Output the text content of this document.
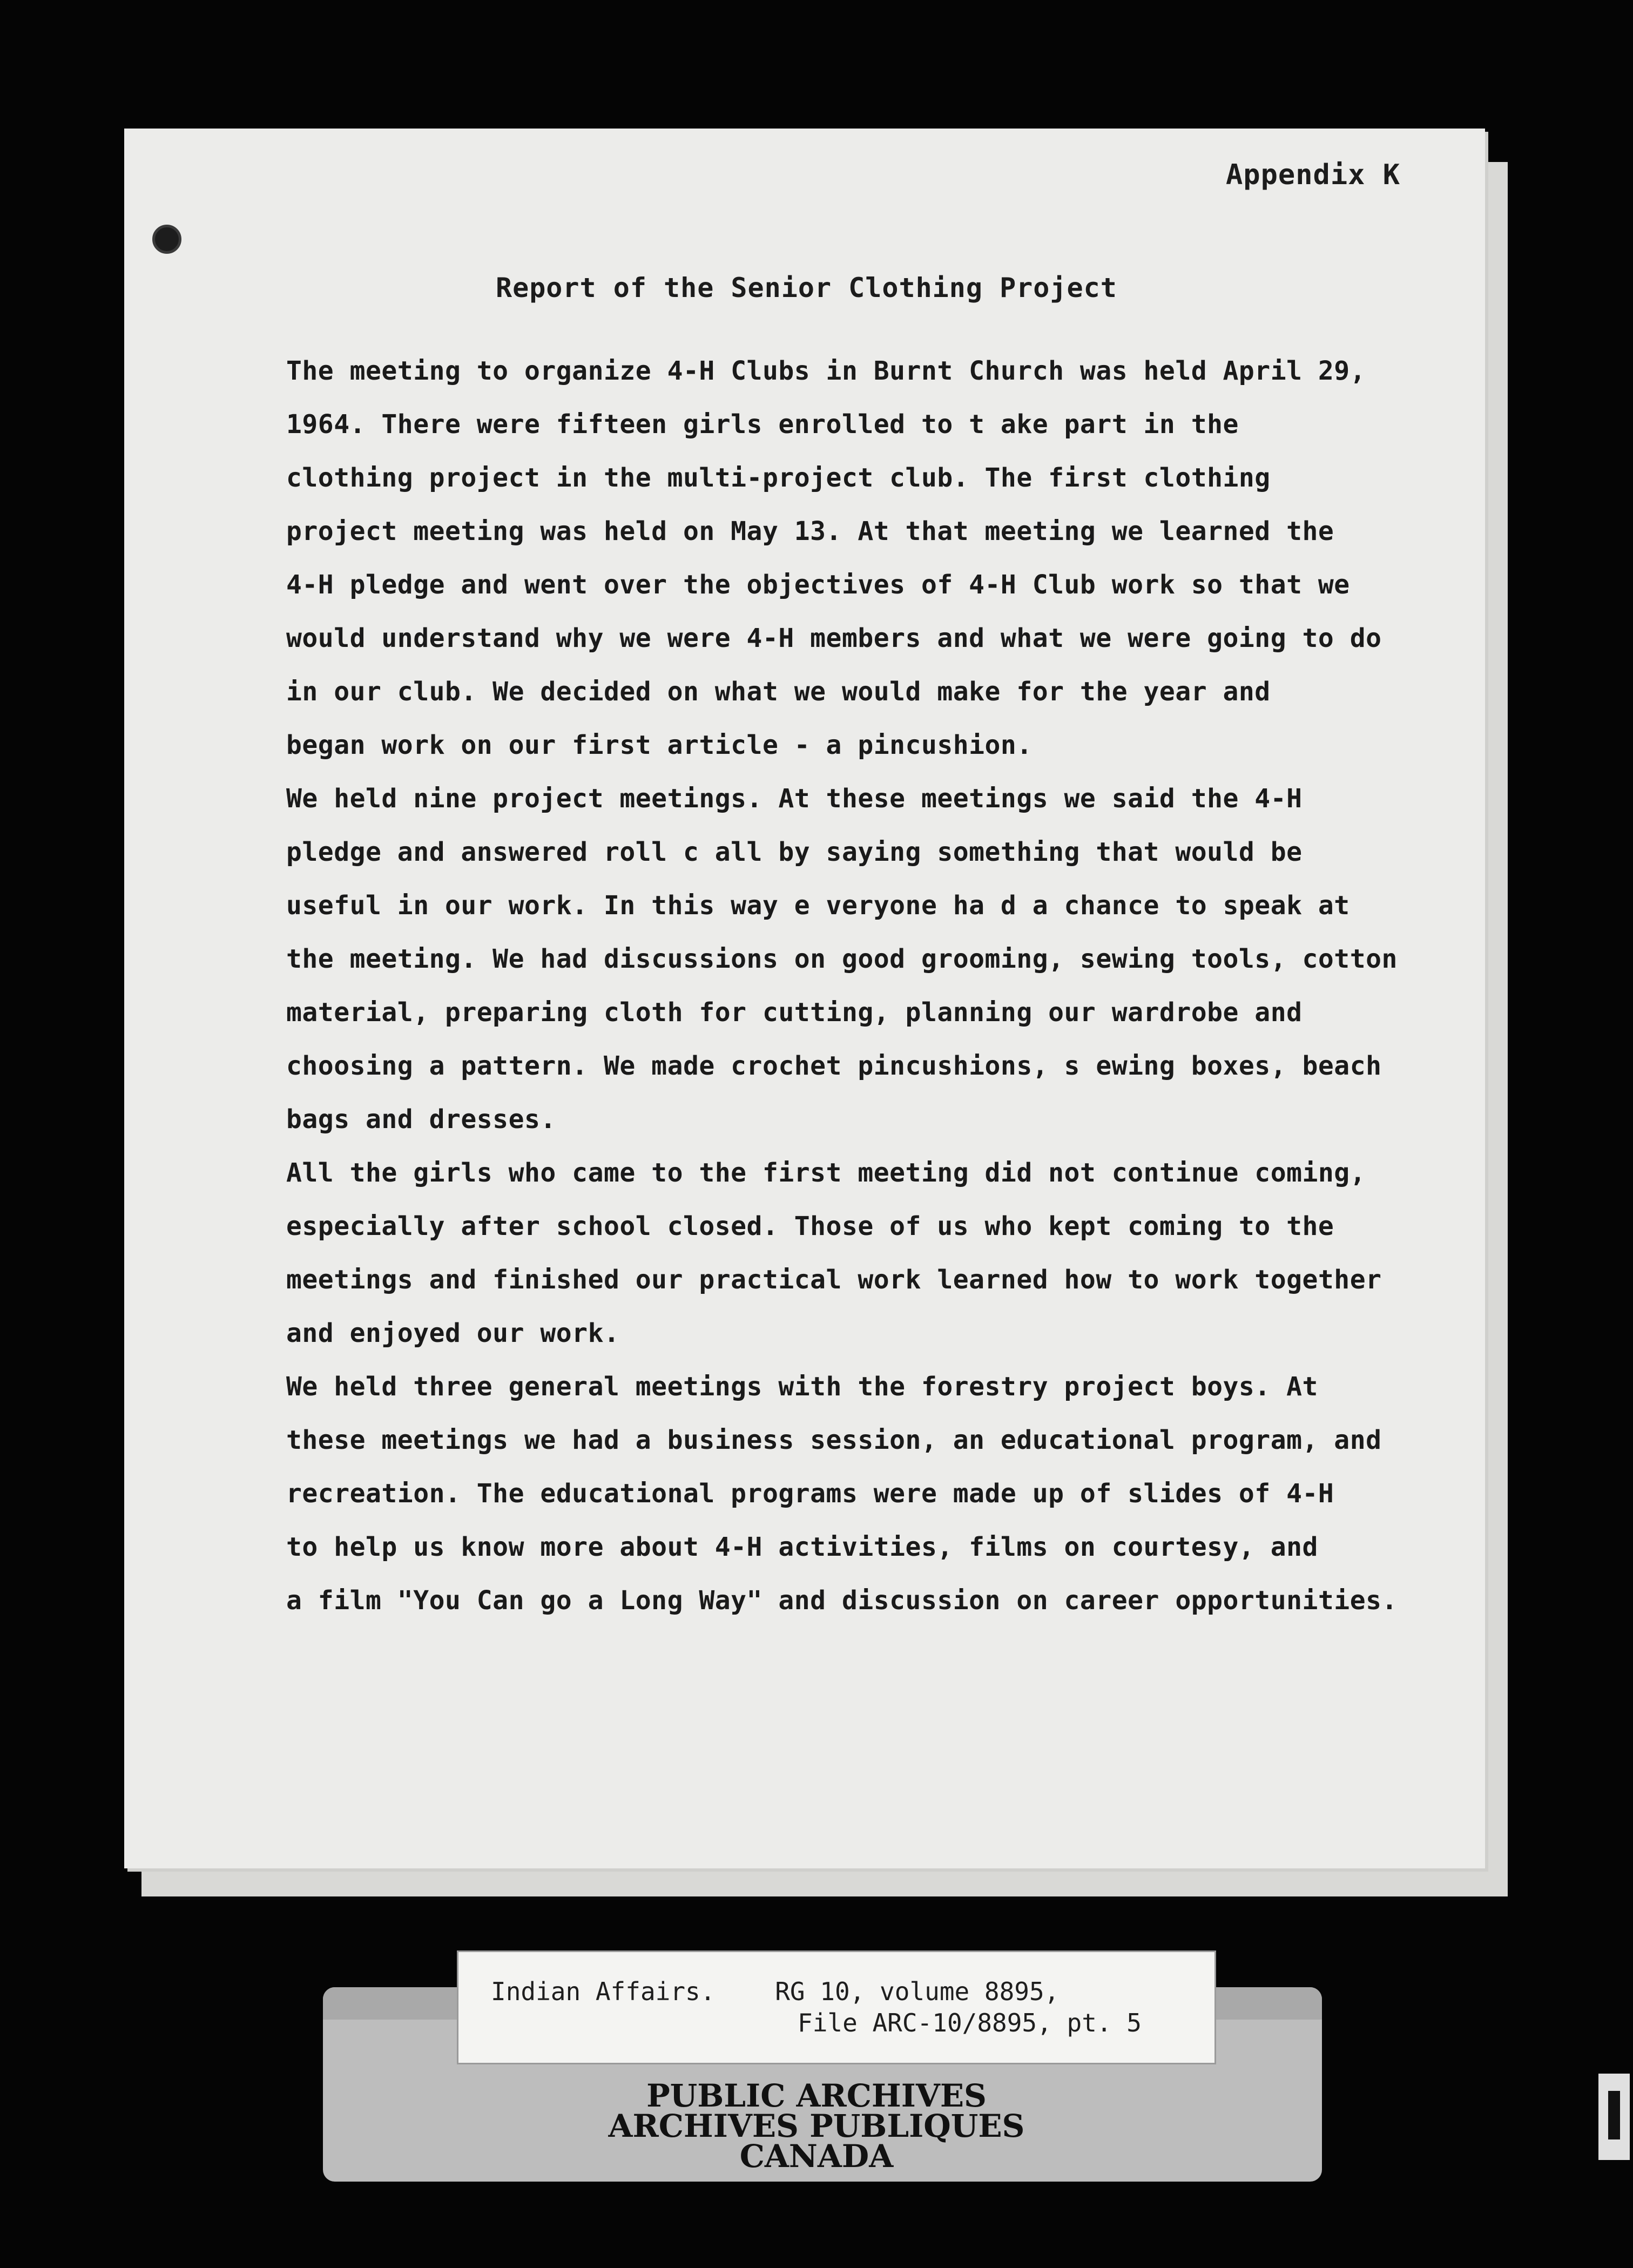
Appendix K
Report of the Senior Clothing Project

The meeting to organize 4-H Clubs in Burnt Church was held April 29,
1964. There were fifteen girls enrolled to t ake part in the
clothing project in the multi-project club. The first clothing
project meeting was held on May 13. At that meeting we learned the
4-H pledge and went over the objectives of 4-H Club work so that we
would understand why we were 4-H members and what we were going to do
in our club. We decided on what we would make for the year and
began work on our first article - a pincushion.

We held nine project meetings. At these meetings we said the 4-H
pledge and answered roll c all by saying something that would be
useful in our work. In this way e veryone ha d a chance to speak at
the meeting. We had discussions on good grooming, sewing tools, cotton
material, preparing cloth for cutting, planning our wardrobe and
choosing a pattern. We made crochet pincushions, s ewing boxes, beach
bags and dresses.

All the girls who came to the first meeting did not continue coming,
especially after school closed. Those of us who kept coming to the
meetings and finished our practical work learned how to work together
and enjoyed our work.

We held three general meetings with the forestry project boys. At
these meetings we had a business session, an educational program, and
recreation. The educational programs were made up of slides of 4-H
to help us know more about 4-H activities, films on courtesy, and
a film "You Can go a Long Way" and discussion on career opportunities.

Indian Affairs.    RG 10, volume 8895,
File ARC-10/8895, pt. 5
PUBLIC ARCHIVES
ARCHIVES PUBLIQUES
CANADA
